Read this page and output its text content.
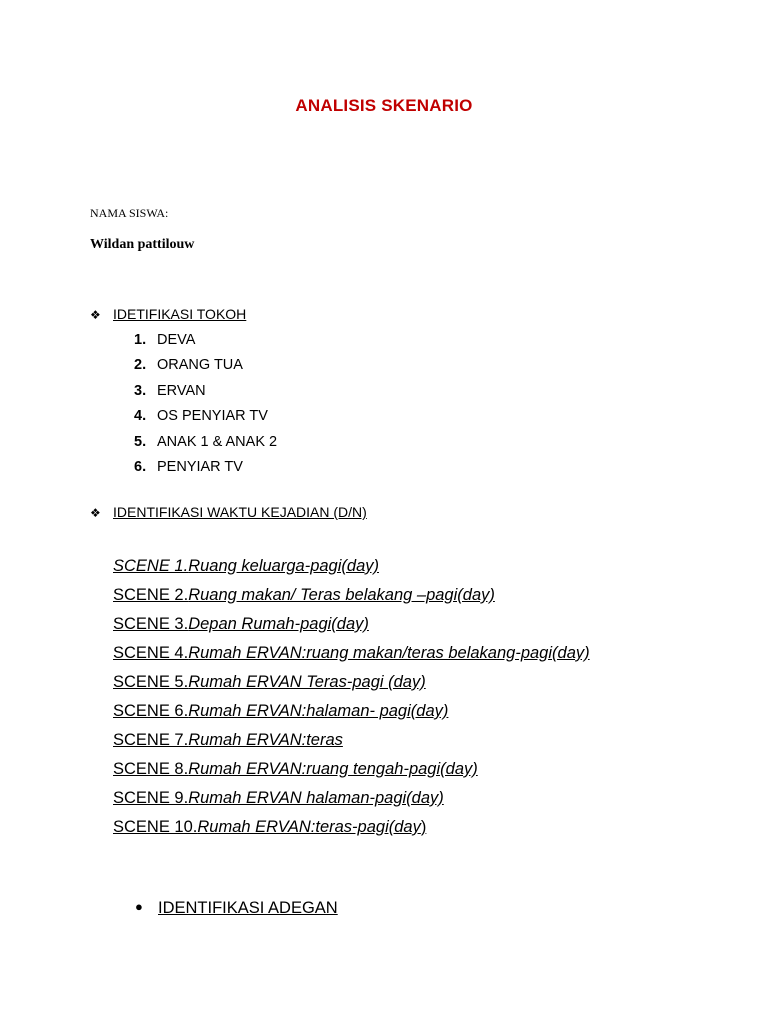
ANALISIS SKENARIO
NAMA SISWA:
Wildan pattilouw
❖ IDETIFIKASI TOKOH
1. DEVA
2. ORANG TUA
3. ERVAN
4. OS PENYIAR TV
5. ANAK 1 & ANAK 2
6. PENYIAR TV
❖ IDENTIFIKASI WAKTU KEJADIAN (D/N)
SCENE 1.Ruang keluarga-pagi(day)
SCENE 2.Ruang makan/ Teras belakang –pagi(day)
SCENE 3.Depan Rumah-pagi(day)
SCENE 4.Rumah ERVAN:ruang makan/teras belakang-pagi(day)
SCENE 5.Rumah ERVAN Teras-pagi (day)
SCENE 6.Rumah ERVAN:halaman- pagi(day)
SCENE 7.Rumah ERVAN:teras
SCENE 8.Rumah ERVAN:ruang tengah-pagi(day)
SCENE 9.Rumah ERVAN halaman-pagi(day)
SCENE 10.Rumah ERVAN:teras-pagi(day)
● IDENTIFIKASI ADEGAN
